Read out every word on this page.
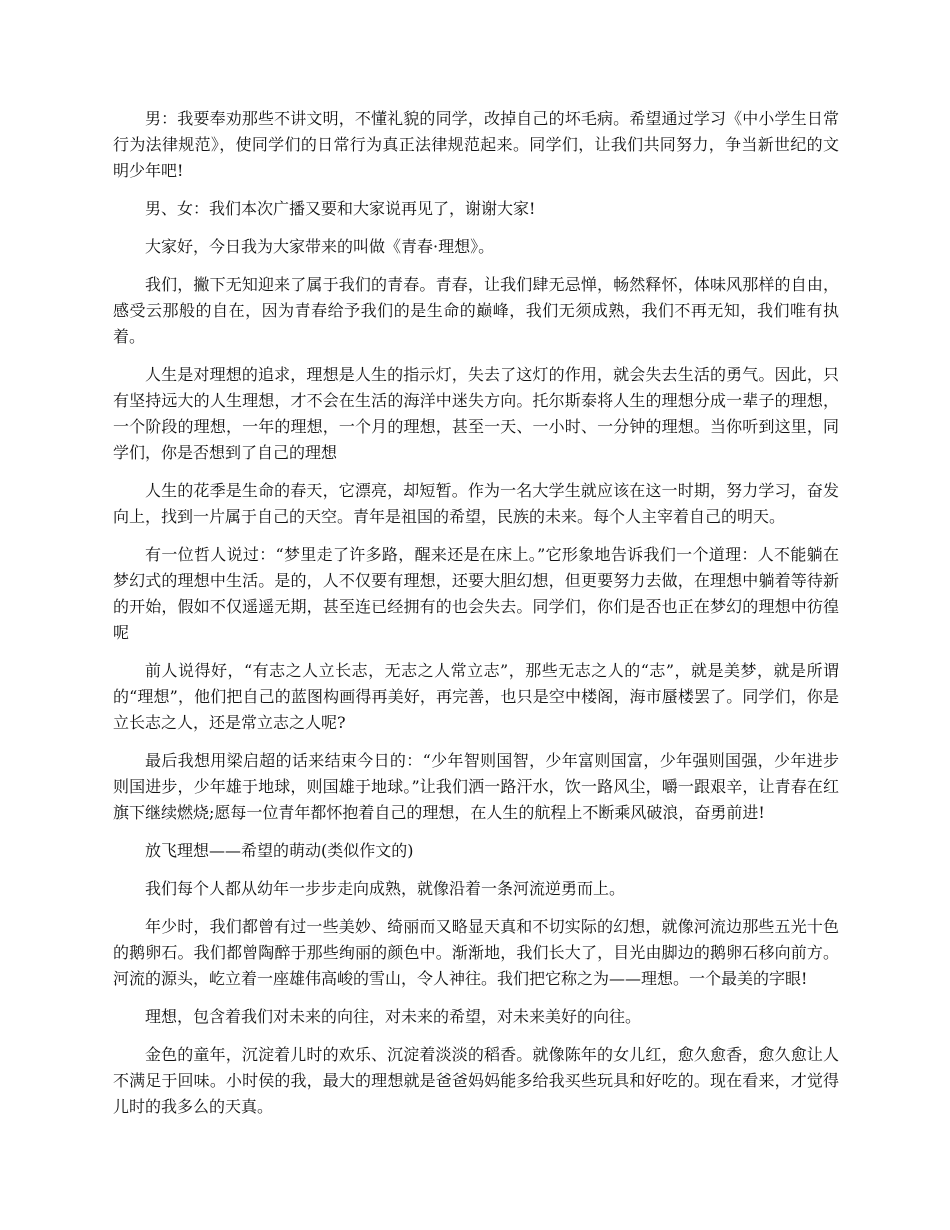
男：我要奉劝那些不讲文明，不懂礼貌的同学，改掉自己的坏毛病。希望通过学习《中小学生日常行为法律规范》，使同学们的日常行为真正法律规范起来。同学们，让我们共同努力，争当新世纪的文明少年吧!

男、女：我们本次广播又要和大家说再见了，谢谢大家!

大家好，今日我为大家带来的叫做《青春·理想》。

我们，撇下无知迎来了属于我们的青春。青春，让我们肆无忌惮，畅然释怀，体味风那样的自由，感受云那般的自在，因为青春给予我们的是生命的巅峰，我们无须成熟，我们不再无知，我们唯有执着。

人生是对理想的追求，理想是人生的指示灯，失去了这灯的作用，就会失去生活的勇气。因此，只有坚持远大的人生理想，才不会在生活的海洋中迷失方向。托尔斯泰将人生的理想分成一辈子的理想，一个阶段的理想，一年的理想，一个月的理想，甚至一天、一小时、一分钟的理想。当你听到这里，同学们，你是否想到了自己的理想

人生的花季是生命的春天，它漂亮，却短暂。作为一名大学生就应该在这一时期，努力学习，奋发向上，找到一片属于自己的天空。青年是祖国的希望，民族的未来。每个人主宰着自己的明天。

有一位哲人说过：“梦里走了许多路，醒来还是在床上。”它形象地告诉我们一个道理：人不能躺在梦幻式的理想中生活。是的，人不仅要有理想，还要大胆幻想，但更要努力去做，在理想中躺着等待新的开始，假如不仅遥遥无期，甚至连已经拥有的也会失去。同学们，你们是否也正在梦幻的理想中彷徨呢

前人说得好，“有志之人立长志，无志之人常立志”，那些无志之人的“志”，就是美梦，就是所谓的“理想”，他们把自己的蓝图构画得再美好，再完善，也只是空中楼阁，海市蜃楼罢了。同学们，你是立长志之人，还是常立志之人呢?

最后我想用梁启超的话来结束今日的：“少年智则国智，少年富则国富，少年强则国强，少年进步则国进步，少年雄于地球，则国雄于地球。”让我们洒一路汗水，饮一路风尘，嚼一跟艰辛，让青春在红旗下继续燃烧;愿每一位青年都怀抱着自己的理想，在人生的航程上不断乘风破浪，奋勇前进!

放飞理想——希望的萌动(类似作文的)

我们每个人都从幼年一步步走向成熟，就像沿着一条河流逆勇而上。

年少时，我们都曾有过一些美妙、绮丽而又略显天真和不切实际的幻想，就像河流边那些五光十色的鹅卵石。我们都曾陶醉于那些绚丽的颜色中。渐渐地，我们长大了，目光由脚边的鹅卵石移向前方。河流的源头，屹立着一座雄伟高峻的雪山，令人神往。我们把它称之为——理想。一个最美的字眼!

理想，包含着我们对未来的向往，对未来的希望，对未来美好的向往。

金色的童年，沉淀着儿时的欢乐、沉淀着淡淡的稻香。就像陈年的女儿红，愈久愈香，愈久愈让人不满足于回味。小时侯的我，最大的理想就是爸爸妈妈能多给我买些玩具和好吃的。现在看来，才觉得儿时的我多么的天真。
